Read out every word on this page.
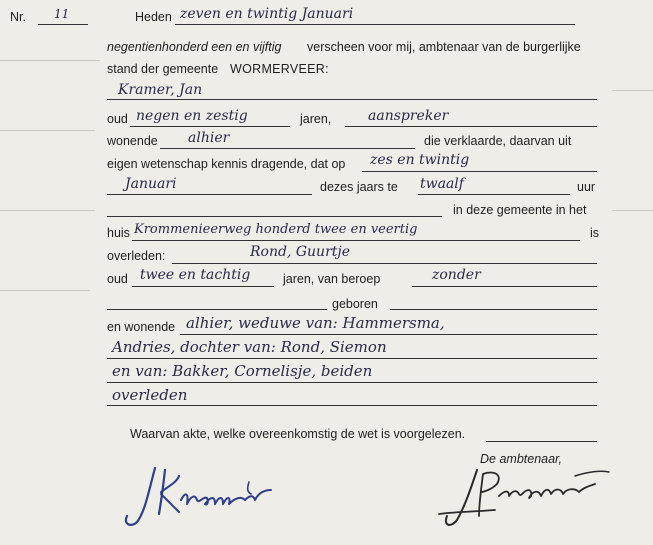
Nr. 11	Heden zeven en twintig Januari
negentienhonderd een en vijftig verscheen voor mij, ambtenaar van de burgerlijke
stand der gemeente WORMERVEER:
Kramer, Jan
oud negen en zestig	jaren,	aanspreker
wonende alhier	die verklaarde, daarvan uit
eigen wetenschap kennis dragende, dat op zes en twintig
Januari	dezes jaars te twaalf	uur
in deze gemeente in het
huis Krommenieerweg honderd twee en veertig	is
overleden:	Rond, Guurtje
oud twee en tachtig	jaren, van beroep	zonder
geboren
en wonende alhier, weduwe van: Hammersma,
Andries, dochter van: Rond, Siemon
en van: Bakker, Cornelisje, beiden
overleden
Waarvan akte, welke overeenkomstig de wet is voorgelezen.
De ambtenaar,
J Kramer
J Pranaw
